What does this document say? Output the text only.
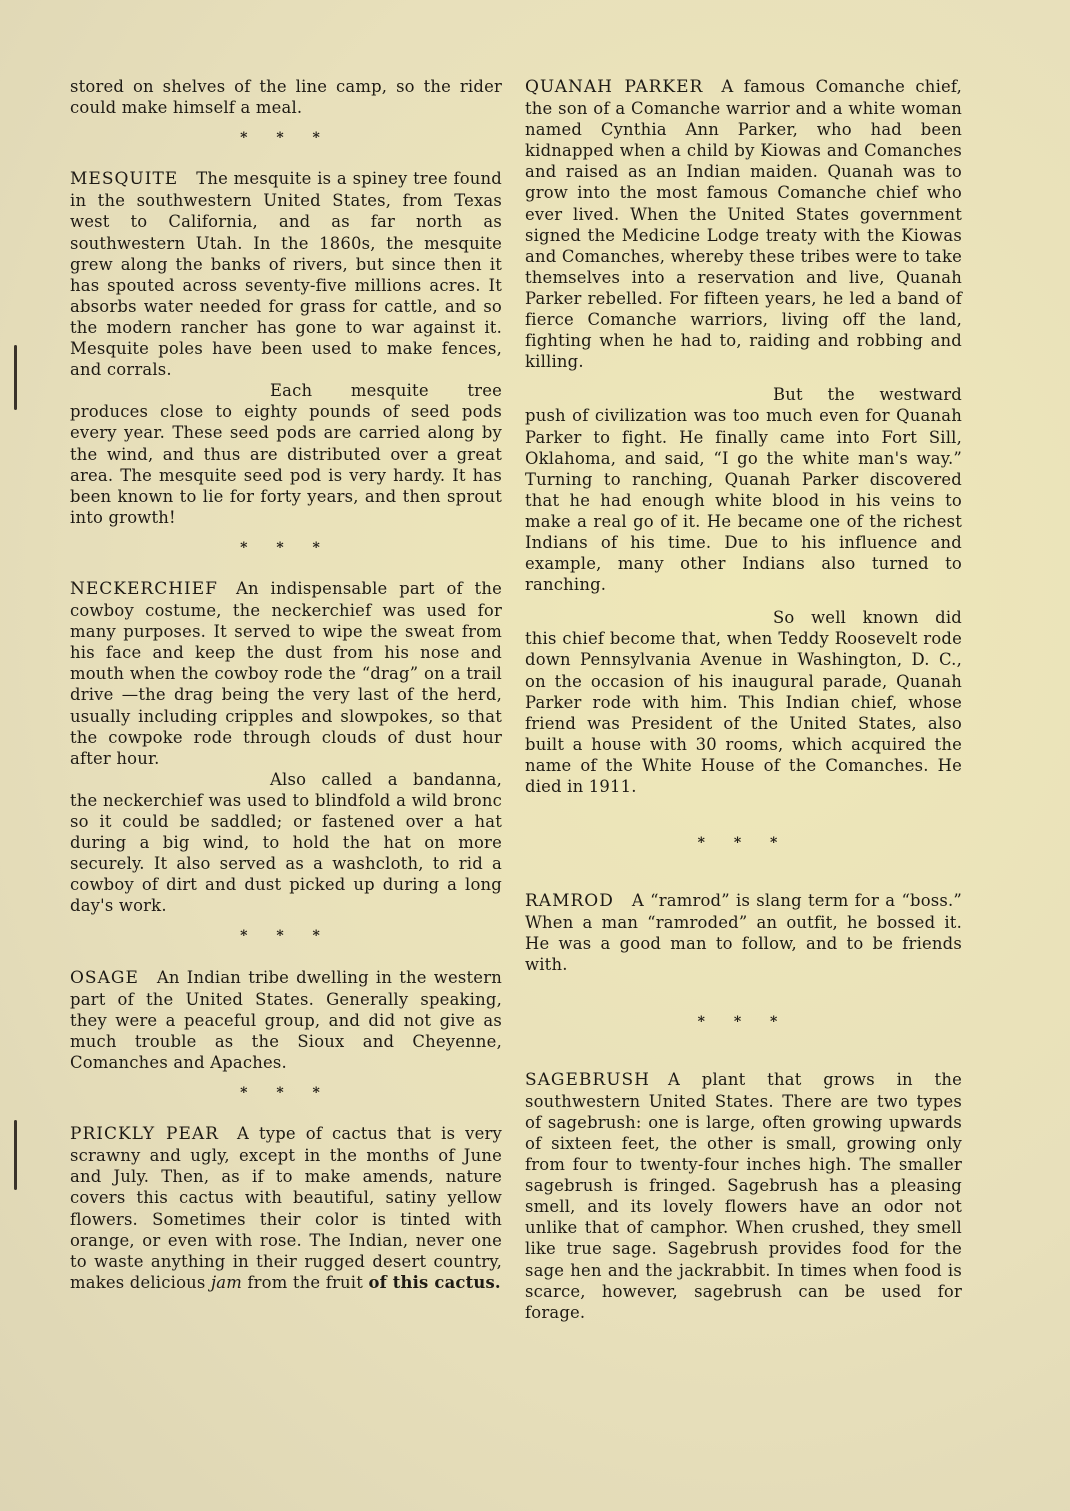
stored on shelves of the line camp, so the rider could make himself a meal.

* * *

MESQUITE The mesquite is a spiney tree found in the southwestern United States, from Texas west to California, and as far north as southwestern Utah. In the 1860s, the mesquite grew along the banks of rivers, but since then it has spouted across seventy-five millions acres. It absorbs water needed for grass for cattle, and so the modern rancher has gone to war against it. Mesquite poles have been used to make fences, and corrals.

Each mesquite tree produces close to eighty pounds of seed pods every year. These seed pods are carried along by the wind, and thus are distributed over a great area. The mesquite seed pod is very hardy. It has been known to lie for forty years, and then sprout into growth!

* * *

NECKERCHIEF An indispensable part of the cowboy costume, the neckerchief was used for many purposes. It served to wipe the sweat from his face and keep the dust from his nose and mouth when the cowboy rode the “drag” on a trail drive —the drag being the very last of the herd, usually including cripples and slowpokes, so that the cowpoke rode through clouds of dust hour after hour.

Also called a bandanna, the neckerchief was used to blindfold a wild bronc so it could be saddled; or fastened over a hat during a big wind, to hold the hat on more securely. It also served as a washcloth, to rid a cowboy of dirt and dust picked up during a long day's work.

* * *

OSAGE An Indian tribe dwelling in the western part of the United States. Generally speaking, they were a peaceful group, and did not give as much trouble as the Sioux and Cheyenne, Comanches and Apaches.

* * *

PRICKLY PEAR A type of cactus that is very scrawny and ugly, except in the months of June and July. Then, as if to make amends, nature covers this cactus with beautiful, satiny yellow flowers. Sometimes their color is tinted with orange, or even with rose. The Indian, never one to waste anything in their rugged desert country, makes delicious jam from the fruit of this cactus.

QUANAH PARKER A famous Comanche chief, the son of a Comanche warrior and a white woman named Cynthia Ann Parker, who had been kidnapped when a child by Kiowas and Comanches and raised as an Indian maiden. Quanah was to grow into the most famous Comanche chief who ever lived. When the United States government signed the Medicine Lodge treaty with the Kiowas and Comanches, whereby these tribes were to take themselves into a reservation and live, Quanah Parker rebelled. For fifteen years, he led a band of fierce Comanche warriors, living off the land, fighting when he had to, raiding and robbing and killing.

But the westward push of civilization was too much even for Quanah Parker to fight. He finally came into Fort Sill, Oklahoma, and said, “I go the white man's way.” Turning to ranching, Quanah Parker discovered that he had enough white blood in his veins to make a real go of it. He became one of the richest Indians of his time. Due to his influence and example, many other Indians also turned to ranching.

So well known did this chief become that, when Teddy Roosevelt rode down Pennsylvania Avenue in Washington, D. C., on the occasion of his inaugural parade, Quanah Parker rode with him. This Indian chief, whose friend was President of the United States, also built a house with 30 rooms, which acquired the name of the White House of the Comanches. He died in 1911.

* * *

RAMROD A “ramrod” is slang term for a “boss.” When a man “ramroded” an outfit, he bossed it. He was a good man to follow, and to be friends with.

* * *

SAGEBRUSH A plant that grows in the southwestern United States. There are two types of sagebrush: one is large, often growing upwards of sixteen feet, the other is small, growing only from four to twenty-four inches high. The smaller sagebrush is fringed. Sagebrush has a pleasing smell, and its lovely flowers have an odor not unlike that of camphor. When crushed, they smell like true sage. Sagebrush provides food for the sage hen and the jackrabbit. In times when food is scarce, however, sagebrush can be used for forage.
